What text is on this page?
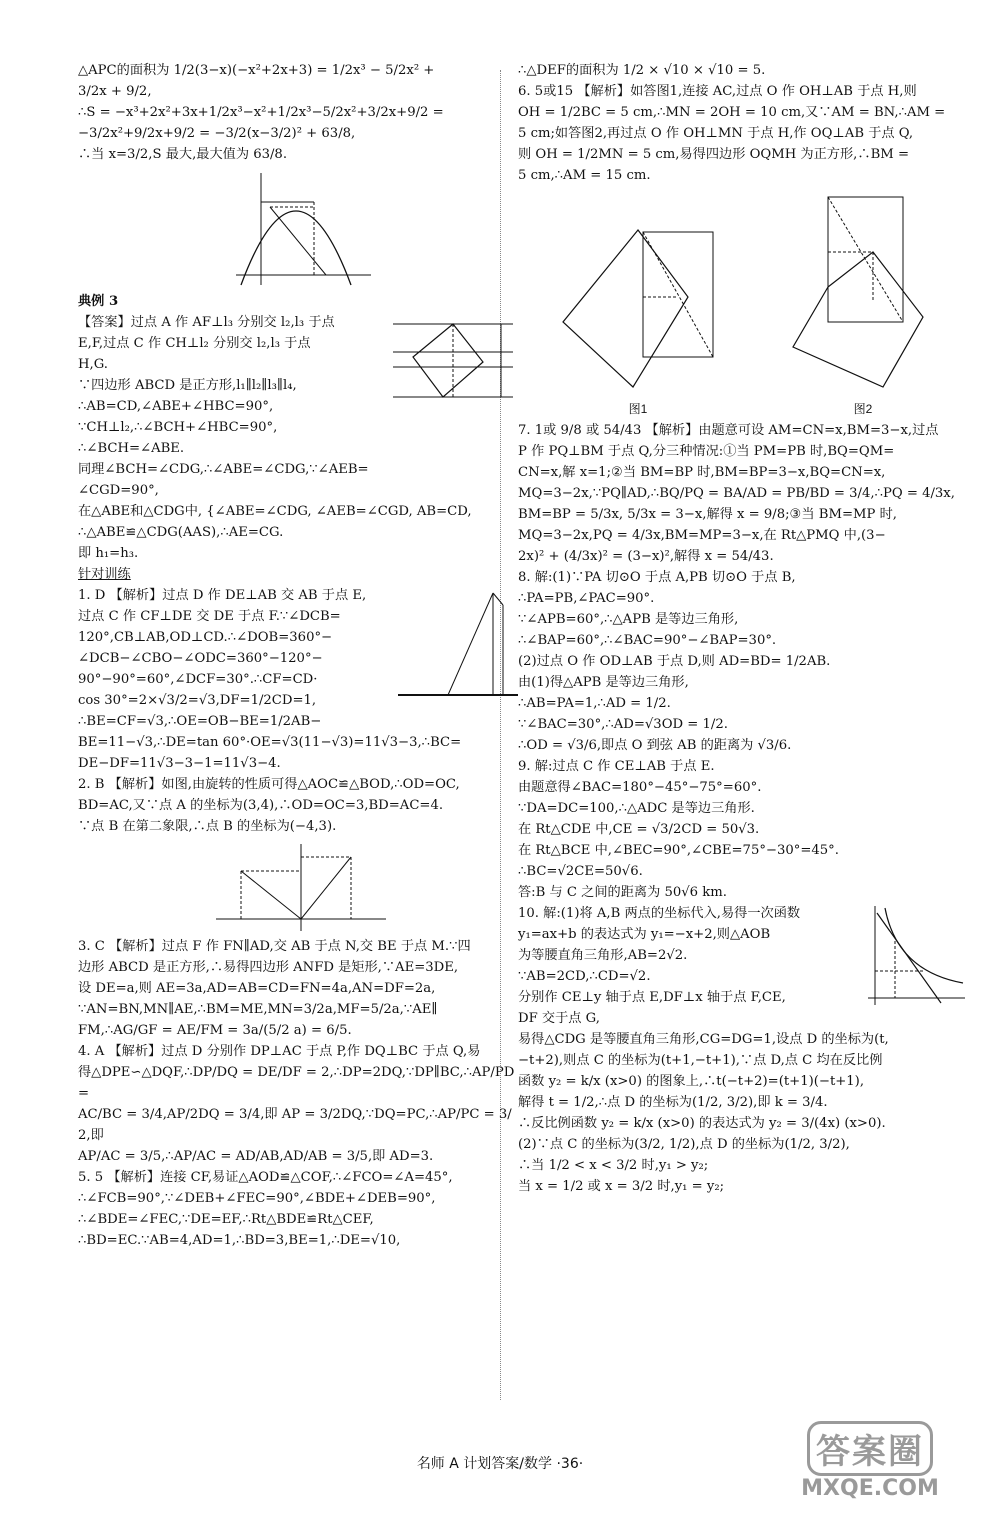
△APC的面积为 1/2(3−x)(−x²+2x+3) = 1/2x³ − 5/2x² +

3/2x + 9/2,

∴S = −x³+2x²+3x+1/2x³−x²+1/2x³−5/2x²+3/2x+9/2 =

−3/2x²+9/2x+9/2 = −3/2(x−3/2)² + 63/8,

∴当 x=3/2,S 最大,最大值为 63/8.

典例 3

【答案】过点 A 作 AF⊥l₃ 分别交 l₂,l₃ 于点

E,F,过点 C 作 CH⊥l₂ 分别交 l₂,l₃ 于点

H,G.

∵四边形 ABCD 是正方形,l₁∥l₂∥l₃∥l₄,

∴AB=CD,∠ABE+∠HBC=90°,

∵CH⊥l₂,∴∠BCH+∠HBC=90°,

∴∠BCH=∠ABE.

同理∠BCH=∠CDG,∴∠ABE=∠CDG,∵∠AEB=

∠CGD=90°,

在△ABE和△CDG中, {∠ABE=∠CDG, ∠AEB=∠CGD, AB=CD,

∴△ABE≌△CDG(AAS),∴AE=CG.

即 h₁=h₃.

针对训练

1. D 【解析】过点 D 作 DE⊥AB 交 AB 于点 E,

过点 C 作 CF⊥DE 交 DE 于点 F.∵∠DCB=

120°,CB⊥AB,OD⊥CD.∴∠DOB=360°−

∠DCB−∠CBO−∠ODC=360°−120°−

90°−90°=60°,∠DCF=30°.∴CF=CD·

cos 30°=2×√3/2=√3,DF=1/2CD=1,

∴BE=CF=√3,∴OE=OB−BE=1/2AB−

BE=11−√3,∴DE=tan 60°·OE=√3(11−√3)=11√3−3,∴BC=

DE−DF=11√3−3−1=11√3−4.

2. B 【解析】如图,由旋转的性质可得△AOC≌△BOD,∴OD=OC,

BD=AC,又∵点 A 的坐标为(3,4),∴OD=OC=3,BD=AC=4.

∵点 B 在第二象限,∴点 B 的坐标为(−4,3).

3. C 【解析】过点 F 作 FN∥AD,交 AB 于点 N,交 BE 于点 M.∵四

边形 ABCD 是正方形,∴易得四边形 ANFD 是矩形,∵AE=3DE,

设 DE=a,则 AE=3a,AD=AB=CD=FN=4a,AN=DF=2a,

∵AN=BN,MN∥AE,∴BM=ME,MN=3/2a,MF=5/2a,∵AE∥

FM,∴AG/GF = AE/FM = 3a/(5/2 a) = 6/5.

4. A 【解析】过点 D 分别作 DP⊥AC 于点 P,作 DQ⊥BC 于点 Q,易

得△DPE∽△DQF,∴DP/DQ = DE/DF = 2,∴DP=2DQ,∵DP∥BC,∴AP/PD =

AC/BC = 3/4,AP/2DQ = 3/4,即 AP = 3/2DQ,∵DQ=PC,∴AP/PC = 3/2,即

AP/AC = 3/5,∴AP/AC = AD/AB,AD/AB = 3/5,即 AD=3.

5. 5 【解析】连接 CF,易证△AOD≌△COF,∴∠FCO=∠A=45°,

∴∠FCB=90°,∵∠DEB+∠FEC=90°,∠BDE+∠DEB=90°,

∴∠BDE=∠FEC,∵DE=EF,∴Rt△BDE≌Rt△CEF,

∴BD=EC.∵AB=4,AD=1,∴BD=3,BE=1,∴DE=√10,

∴△DEF的面积为 1/2 × √10 × √10 = 5.

6. 5或15 【解析】如答图1,连接 AC,过点 O 作 OH⊥AB 于点 H,则

OH = 1/2BC = 5 cm,∴MN = 2OH = 10 cm,又∵AM = BN,∴AM =

5 cm;如答图2,再过点 O 作 OH⊥MN 于点 H,作 OQ⊥AB 于点 Q,

则 OH = 1/2MN = 5 cm,易得四边形 OQMH 为正方形,∴BM =

5 cm,∴AM = 15 cm.

图1	图2

7. 1或 9/8 或 54/43 【解析】由题意可设 AM=CN=x,BM=3−x,过点

P 作 PQ⊥BM 于点 Q,分三种情况:①当 PM=PB 时,BQ=QM=

CN=x,解 x=1;②当 BM=BP 时,BM=BP=3−x,BQ=CN=x,

MQ=3−2x,∵PQ∥AD,∴BQ/PQ = BA/AD = PB/BD = 3/4,∴PQ = 4/3x,

BM=BP = 5/3x, 5/3x = 3−x,解得 x = 9/8;③当 BM=MP 时,

MQ=3−2x,PQ = 4/3x,BM=MP=3−x,在 Rt△PMQ 中,(3−

2x)² + (4/3x)² = (3−x)²,解得 x = 54/43.

8. 解:(1)∵PA 切⊙O 于点 A,PB 切⊙O 于点 B,

∴PA=PB,∠PAC=90°.

∵∠APB=60°,∴△APB 是等边三角形,

∴∠BAP=60°,∴∠BAC=90°−∠BAP=30°.

(2)过点 O 作 OD⊥AB 于点 D,则 AD=BD= 1/2AB.

由(1)得△APB 是等边三角形,

∴AB=PA=1,∴AD = 1/2.

∵∠BAC=30°,∴AD=√3OD = 1/2.

∴OD = √3/6,即点 O 到弦 AB 的距离为 √3/6.

9. 解:过点 C 作 CE⊥AB 于点 E.

由题意得∠BAC=180°−45°−75°=60°.

∵DA=DC=100,∴△ADC 是等边三角形.

在 Rt△CDE 中,CE = √3/2CD = 50√3.

在 Rt△BCE 中,∠BEC=90°,∠CBE=75°−30°=45°.

∴BC=√2CE=50√6.

答:B 与 C 之间的距离为 50√6 km.

10. 解:(1)将 A,B 两点的坐标代入,易得一次函数

y₁=ax+b 的表达式为 y₁=−x+2,则△AOB

为等腰直角三角形,AB=2√2.

∵AB=2CD,∴CD=√2.

分别作 CE⊥y 轴于点 E,DF⊥x 轴于点 F,CE,

DF 交于点 G,

易得△CDG 是等腰直角三角形,CG=DG=1,设点 D 的坐标为(t,

−t+2),则点 C 的坐标为(t+1,−t+1),∵点 D,点 C 均在反比例

函数 y₂ = k/x (x>0) 的图象上,∴t(−t+2)=(t+1)(−t+1),

解得 t = 1/2,∴点 D 的坐标为(1/2, 3/2),即 k = 3/4.

∴反比例函数 y₂ = k/x (x>0) 的表达式为 y₂ = 3/(4x) (x>0).

(2)∵点 C 的坐标为(3/2, 1/2),点 D 的坐标为(1/2, 3/2),

∴当 1/2 < x < 3/2 时,y₁ > y₂;

当 x = 1/2 或 x = 3/2 时,y₁ = y₂;

名师 A 计划答案/数学 ·36·	答案圈
MXQE.COM
